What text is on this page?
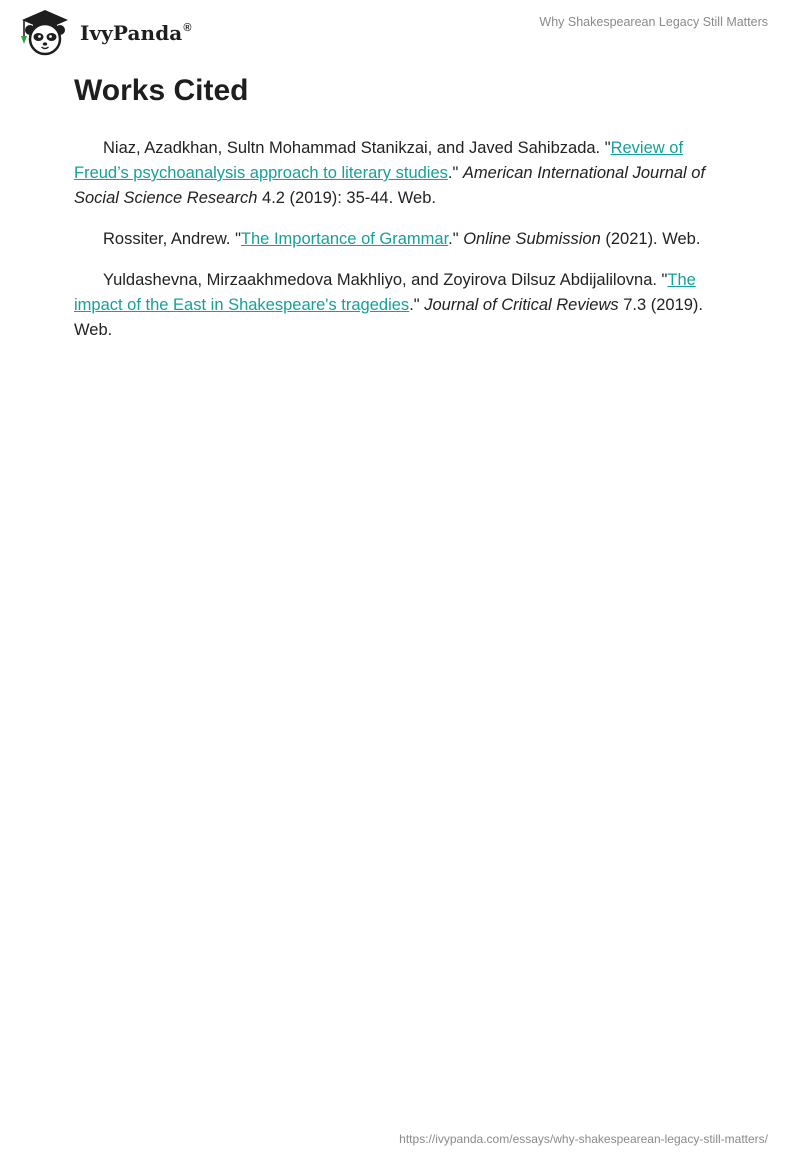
IvyPanda®	Why Shakespearean Legacy Still Matters
Works Cited

Niaz, Azadkhan, Sultn Mohammad Stanikzai, and Javed Sahibzada. "Review of Freud’s psychoanalysis approach to literary studies." American International Journal of Social Science Research 4.2 (2019): 35-44. Web.

Rossiter, Andrew. "The Importance of Grammar." Online Submission (2021). Web.

Yuldashevna, Mirzaakhmedova Makhliyo, and Zoyirova Dilsuz Abdijalilovna. "The impact of the East in Shakespeare's tragedies." Journal of Critical Reviews 7.3 (2019). Web.

https://ivypanda.com/essays/why-shakespearean-legacy-still-matters/
